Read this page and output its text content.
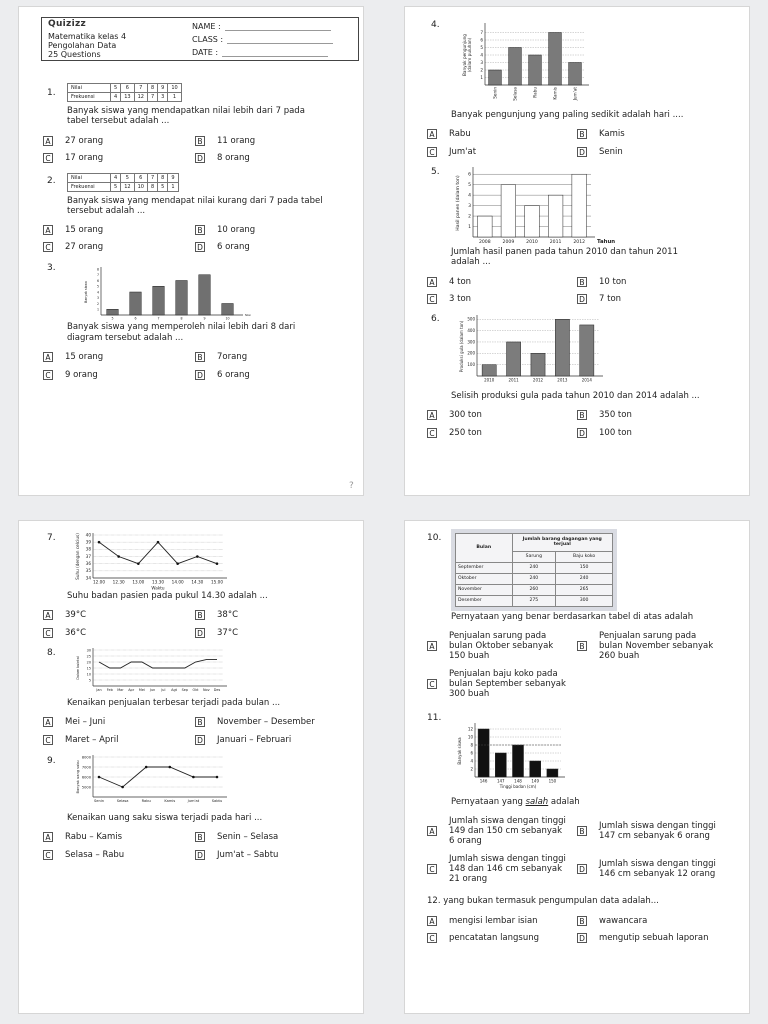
Quizizz
Matematika kelas 4
Pengolahan Data
25 Questions
NAME :
CLASS :
DATE :
1.	Nilai	5	6	7	8	9	10
Frekuensi	4	13	12	7	3	1
Banyak siswa yang mendapatkan nilai lebih dari 7 pada
tabel tersebut adalah ...
A 27 orang	B 11 orang
C 17 orang	D 8 orang
2.	Nilai	4	5	6	7	8	9
Frekuensi	5	12	10	8	5	1
Banyak siswa yang mendapat nilai kurang dari 7 pada tabel
tersebut adalah ...
A 15 orang	B 10 orang
C 27 orang	D 6 orang
3.
1
2
3
4
5
6
7
8
5	6	7	8	9	10
Nilai
Banyak siswa
Banyak siswa yang memperoleh nilai lebih dari 8 dari
diagram tersebut adalah ...
A 15 orang	B 7orang
C 9 orang	D 6 orang
?
4.
1
2
3
4
5
6
7
Senin	Selasa	Rabu	Kamis	Jum'at
Banyak pengunjung (dalam puluhan)
Banyak pengunjung yang paling sedikit adalah hari ....
A Rabu	B Kamis
C Jum'at	D Senin
5.
1
2
3
4
5
6
2008	2009	2010	2011	2012 Tahun
Hasil panen (dalam ton)
Jumlah hasil panen pada tahun 2010 dan tahun 2011
adalah ...
A 4 ton	B 10 ton
C 3 ton	D 7 ton
6.
100
200
300
400
500
2010	2011	2012	2013	2014
Produksi gula (dalam ton)
Selisih produksi gula pada tahun 2010 dan 2014 adalah ...
A 300 ton	B 350 ton
C 250 ton	D 100 ton
7.
34
35
36
37
38
39
40
12.00 12.30 13.00 13.30 14.00 14.30 15.00
Waktu
Suhu (dengan celcius)
Suhu badan pasien pada pukul 14.30 adalah ...
A 39°C	B 38°C
C 36°C	D 37°C
8.
5
10
15
20
25
30
Jan Feb Mar Apr Mei Jun Jul Agt Sep Okt Nov Des
Dalam kuintal
Kenaikan penjualan terbesar terjadi pada bulan ...
A Mei – Juni	B November – Desember
C Maret – April	D Januari – Februari
9.
5000
6000
7000
8000
Senin	Selasa	Rabu	Kamis	Jum'at	Sabtu
Banyak uang saku
Kenaikan uang saku siswa terjadi pada hari ...
A Rabu – Kamis	B Senin – Selasa
C Selasa – Rabu	D Jum'at – Sabtu
10.
Bulan	Jumlah barang dagangan yang terjual	
	Sarung	Baju koko
September	240	150
Oktober	240	240
November	260	265
Desember	275	300
Pernyataan yang benar berdasarkan tabel di atas adalah
A
Penjualan sarung pada
bulan Oktober sebanyak
150 buah
B
Penjualan sarung pada
bulan November sebanyak
260 buah
C
Penjualan baju koko pada
bulan September sebanyak
300 buah
11.
2
4
6
8
10
12
146 147 148 149 150
Tinggi badan (cm)
Banyak siswa
Pernyataan yang salah adalah
A
Jumlah siswa dengan tinggi
149 dan 150 cm sebanyak
6 orang
B
Jumlah siswa dengan tinggi
147 cm sebanyak 6 orang
C
Jumlah siswa dengan tinggi
148 dan 146 cm sebanyak
21 orang
D
Jumlah siswa dengan tinggi
146 cm sebanyak 12 orang
12. yang bukan termasuk pengumpulan data adalah...
A mengisi lembar isian	B wawancara
C pencatatan langsung	D mengutip sebuah laporan
